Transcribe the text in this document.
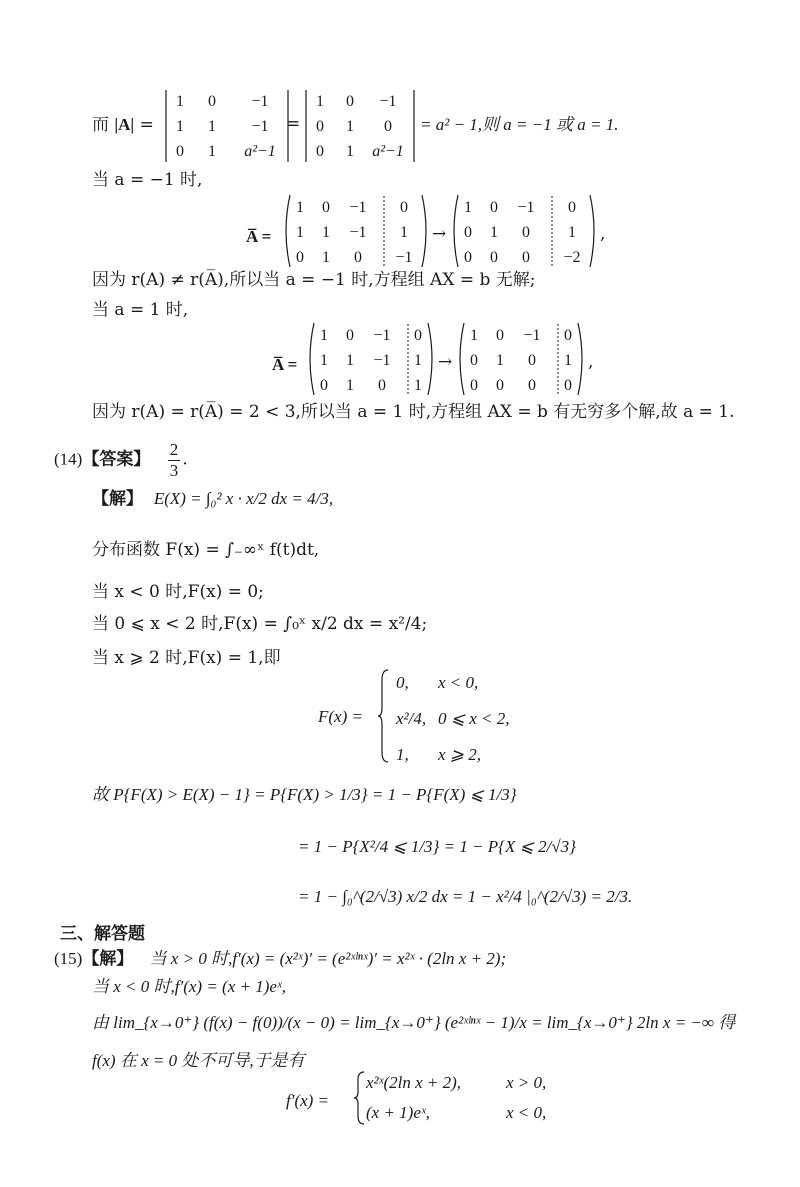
而 |A| =
1 0 −1
1 1 −1
0 1 a²−1
=
1 0 −1
0 1 0
0 1 a²−1
= a² − 1,则 a = −1 或 a = 1.
当 a = −1 时,
A̅ =
1 0 −1 0
1 1 −1 1
0 1 0 −1
→
1 0 −1 0
0 1 0 1
0 0 0 −2
,
因为 r(A) ≠ r(A̅),所以当 a = −1 时,方程组 AX = b 无解;
当 a = 1 时,
A̅ =
1 0 −1 0
1 1 −1 1
0 1 0 1
→
1 0 −1 0
0 1 0 1
0 0 0 0
,
因为 r(A) = r(A̅) = 2 < 3,所以当 a = 1 时,方程组 AX = b 有无穷多个解,故 a = 1.
(14)【答案】 $\frac{2}{3}$ .
【解】 E(X) = ∫₀² x · x/2 dx = 4/3,
分布函数 F(x) = ∫₋∞ˣ f(t)dt,
当 x < 0 时,F(x) = 0;
当 0 ⩽ x < 2 时,F(x) = ∫₀ˣ x/2 dx = x²/4;
当 x ⩾ 2 时,F(x) = 1,即
F(x) =
0, x < 0,
x²/4, 0 ⩽ x < 2,
1, x ⩾ 2,
故 P{F(X) > E(X) − 1} = P{F(X) > 1/3} = 1 − P{F(X) ⩽ 1/3}
= 1 − P{X²/4 ⩽ 1/3} = 1 − P{X ⩽ 2/√3}
= 1 − ∫₀^(2/√3) x/2 dx = 1 − x²/4 |₀^(2/√3) = 2/3.
三、解答题
(15)【解】 当 x > 0 时,f′(x) = (x²ˣ)′ = (e²ˣˡⁿˣ)′ = x²ˣ · (2ln x + 2);
当 x < 0 时,f′(x) = (x + 1)eˣ,
由 lim_{x→0⁺} (f(x) − f(0))/(x − 0) = lim_{x→0⁺} (e²ˣˡⁿˣ − 1)/x = lim_{x→0⁺} 2ln x = −∞ 得
f(x) 在 x = 0 处不可导,于是有
f′(x) =
x²ˣ(2ln x + 2),	x > 0,
(x + 1)eˣ,	x < 0,
